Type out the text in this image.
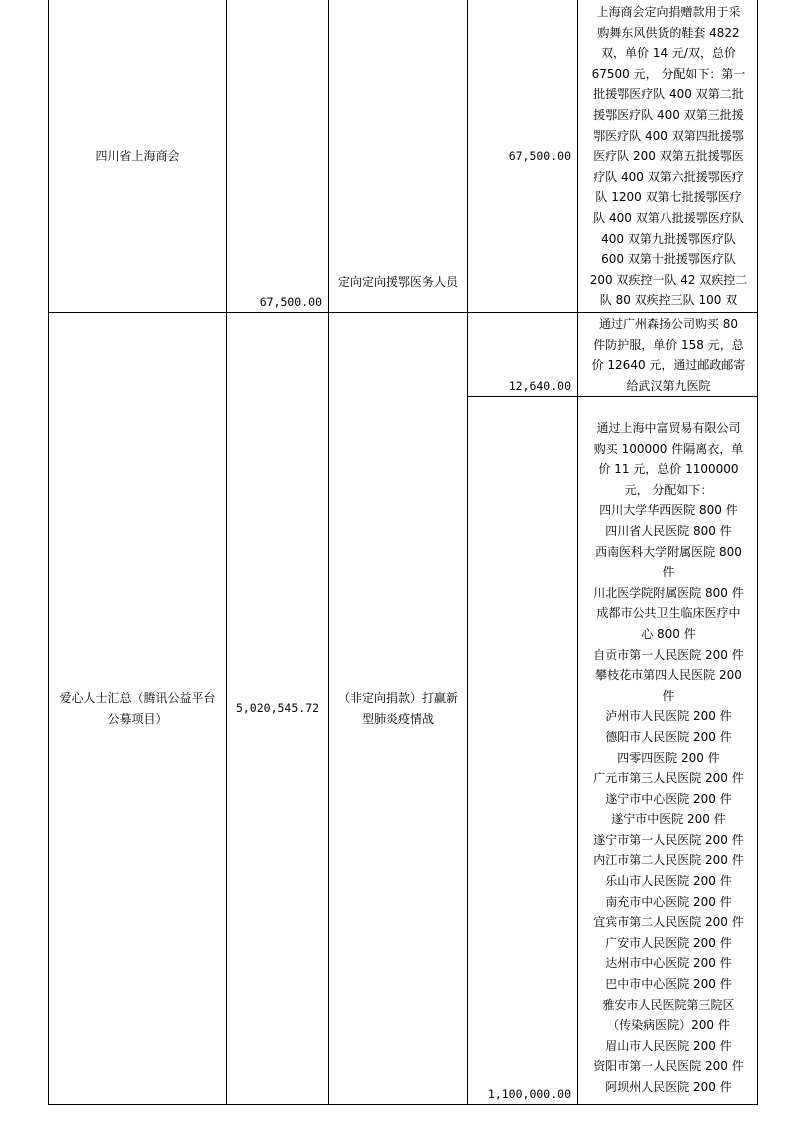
四川省上海商会
67,500.00
定向定向援鄂医务人员
67,500.00
上海商会定向捐赠款用于采
购舞东风供货的鞋套 4822
双，单价 14 元/双，总价
67500 元， 分配如下：第一
批援鄂医疗队 400 双第二批
援鄂医疗队 400 双第三批援
鄂医疗队 400 双第四批援鄂
医疗队 200 双第五批援鄂医
疗队 400 双第六批援鄂医疗
队 1200 双第七批援鄂医疗
队 400 双第八批援鄂医疗队
400 双第九批援鄂医疗队
600 双第十批援鄂医疗队
200 双疾控一队 42 双疾控二
队 80 双疾控三队 100 双
爱心人士汇总（腾讯公益平台公募项目）
5,020,545.72
（非定向捐款）打赢新型肺炎疫情战
12,640.00
通过广州森扬公司购买 80
件防护服，单价 158 元，总
价 12640 元，通过邮政邮寄
给武汉第九医院
1,100,000.00
通过上海中富贸易有限公司
购买 100000 件隔离衣，单
价 11 元，总价 1100000
元， 分配如下：
四川大学华西医院 800 件
四川省人民医院 800 件
西南医科大学附属医院 800
件
川北医学院附属医院 800 件
成都市公共卫生临床医疗中
心 800 件
自贡市第一人民医院 200 件
攀枝花市第四人民医院 200
件
泸州市人民医院 200 件
德阳市人民医院 200 件
四零四医院 200 件
广元市第三人民医院 200 件
遂宁市中心医院 200 件
遂宁市中医院 200 件
遂宁市第一人民医院 200 件
内江市第二人民医院 200 件
乐山市人民医院 200 件
南充市中心医院 200 件
宜宾市第二人民医院 200 件
广安市人民医院 200 件
达州市中心医院 200 件
巴中市中心医院 200 件
雅安市人民医院第三院区
（传染病医院）200 件
眉山市人民医院 200 件
资阳市第一人民医院 200 件
阿坝州人民医院 200 件
